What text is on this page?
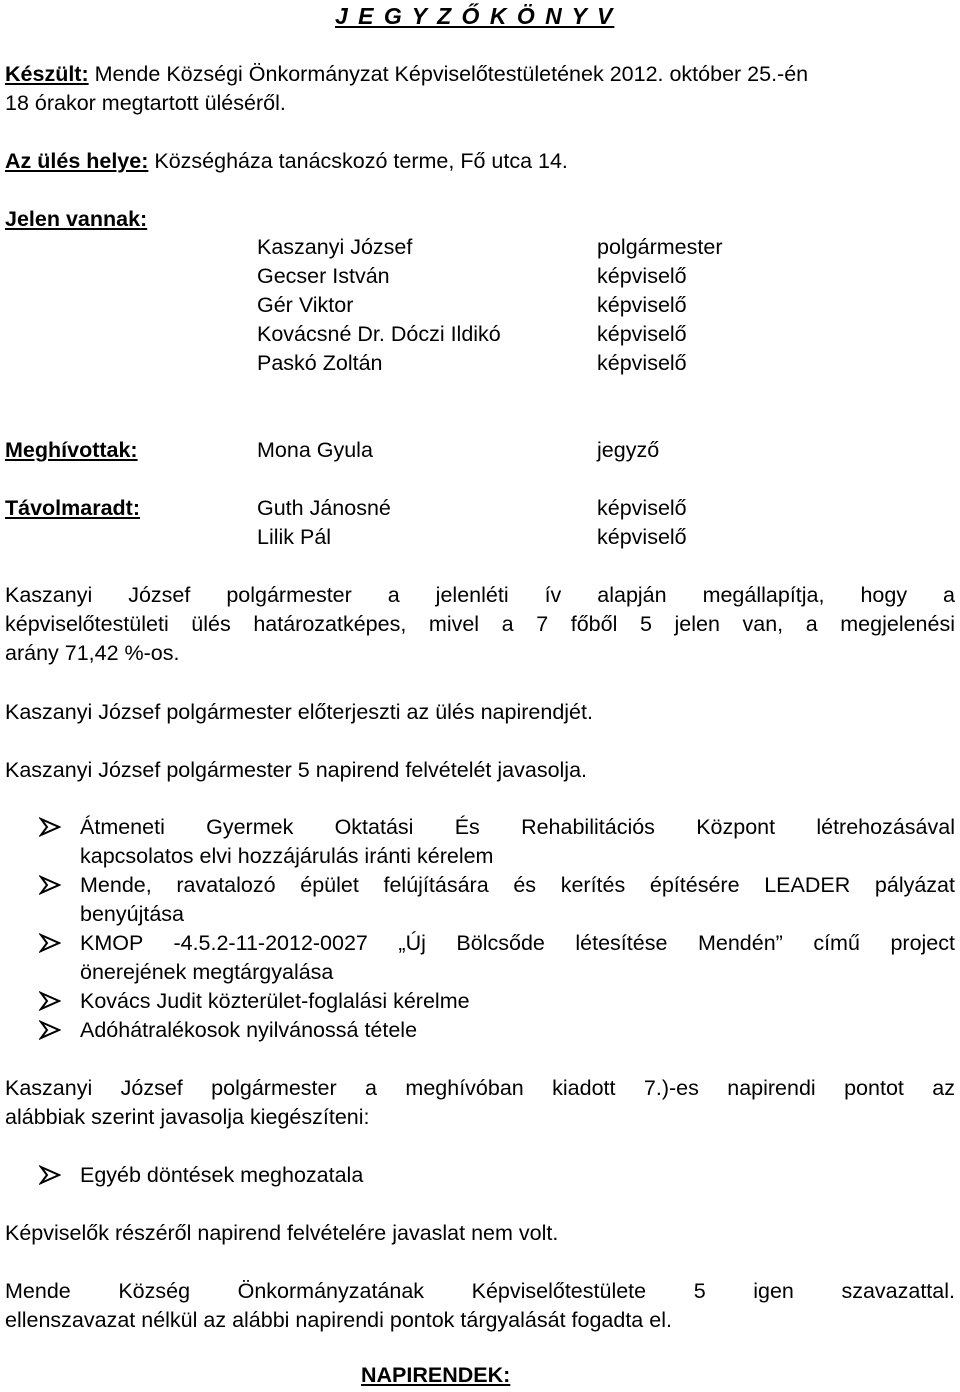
J E G Y Z Ő K Ö N Y V
Készült: Mende Községi Önkormányzat Képviselőtestületének 2012. október 25.-én
18 órakor megtartott üléséről.
Az ülés helye: Községháza tanácskozó terme, Fő utca 14.
Jelen vannak:
Kaszanyi József	polgármester
Gecser István	képviselő
Gér Viktor	képviselő
Kovácsné Dr. Dóczi Ildikó	képviselő
Paskó Zoltán	képviselő
Meghívottak:	Mona Gyula	jegyző
Távolmaradt:	Guth Jánosné	képviselő
Lilik Pál	képviselő
Kaszanyi József polgármester a jelenléti ív alapján megállapítja, hogy a
képviselőtestületi ülés határozatképes, mivel a 7 főből 5 jelen van, a megjelenési
arány 71,42 %-os.
Kaszanyi József polgármester előterjeszti az ülés napirendjét.
Kaszanyi József polgármester 5 napirend felvételét javasolja.
Átmeneti Gyermek Oktatási És Rehabilitációs Központ létrehozásával
kapcsolatos elvi hozzájárulás iránti kérelem
Mende, ravatalozó épület felújítására és kerítés építésére LEADER pályázat
benyújtása
KMOP -4.5.2-11-2012-0027 „Új Bölcsőde létesítése Mendén” című project
önerejének megtárgyalása
Kovács Judit közterület-foglalási kérelme
Adóhátralékosok nyilvánossá tétele
Kaszanyi József polgármester a meghívóban kiadott 7.)-es napirendi pontot az
alábbiak szerint javasolja kiegészíteni:
Egyéb döntések meghozatala
Képviselők részéről napirend felvételére javaslat nem volt.
Mende Község Önkormányzatának Képviselőtestülete 5 igen szavazattal.
ellenszavazat nélkül az alábbi napirendi pontok tárgyalását fogadta el.
NAPIRENDEK:
